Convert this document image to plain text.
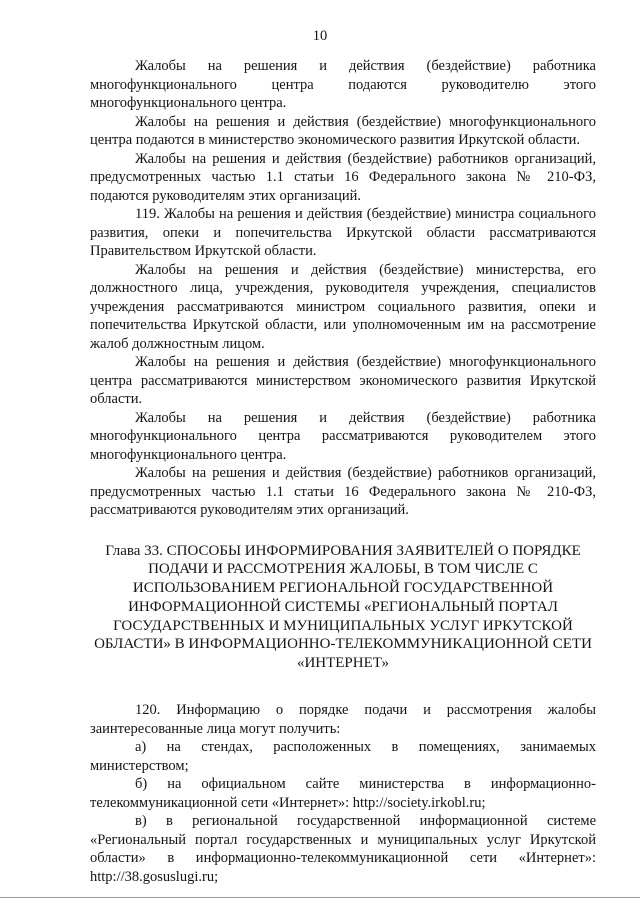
10

Жалобы на решения и действия (бездействие) работника многофункционального центра подаются руководителю этого многофункционального центра.

Жалобы на решения и действия (бездействие) многофункционального центра подаются в министерство экономического развития Иркутской области.

Жалобы на решения и действия (бездействие) работников организаций, предусмотренных частью 1.1 статьи 16 Федерального закона № 210-ФЗ, подаются руководителям этих организаций.

119. Жалобы на решения и действия (бездействие) министра социального развития, опеки и попечительства Иркутской области рассматриваются Правительством Иркутской области.

Жалобы на решения и действия (бездействие) министерства, его должностного лица, учреждения, руководителя учреждения, специалистов учреждения рассматриваются министром социального развития, опеки и попечительства Иркутской области, или уполномоченным им на рассмотрение жалоб должностным лицом.

Жалобы на решения и действия (бездействие) многофункционального центра рассматриваются министерством экономического развития Иркутской области.

Жалобы на решения и действия (бездействие) работника многофункционального центра рассматриваются руководителем этого многофункционального центра.

Жалобы на решения и действия (бездействие) работников организаций, предусмотренных частью 1.1 статьи 16 Федерального закона № 210-ФЗ, рассматриваются руководителям этих организаций.

Глава 33. СПОСОБЫ ИНФОРМИРОВАНИЯ ЗАЯВИТЕЛЕЙ О ПОРЯДКЕ ПОДАЧИ И РАССМОТРЕНИЯ ЖАЛОБЫ, В ТОМ ЧИСЛЕ С ИСПОЛЬЗОВАНИЕМ РЕГИОНАЛЬНОЙ ГОСУДАРСТВЕННОЙ ИНФОРМАЦИОННОЙ СИСТЕМЫ «РЕГИОНАЛЬНЫЙ ПОРТАЛ ГОСУДАРСТВЕННЫХ И МУНИЦИПАЛЬНЫХ УСЛУГ ИРКУТСКОЙ ОБЛАСТИ» В ИНФОРМАЦИОННО-ТЕЛЕКОММУНИКАЦИОННОЙ СЕТИ «ИНТЕРНЕТ»

120. Информацию о порядке подачи и рассмотрения жалобы заинтересованные лица могут получить:

а) на стендах, расположенных в помещениях, занимаемых министерством;

б) на официальном сайте министерства в информационно-телекоммуникационной сети «Интернет»: http://society.irkobl.ru;

в) в региональной государственной информационной системе «Региональный портал государственных и муниципальных услуг Иркутской области» в информационно-телекоммуникационной сети «Интернет»: http://38.gosuslugi.ru;
